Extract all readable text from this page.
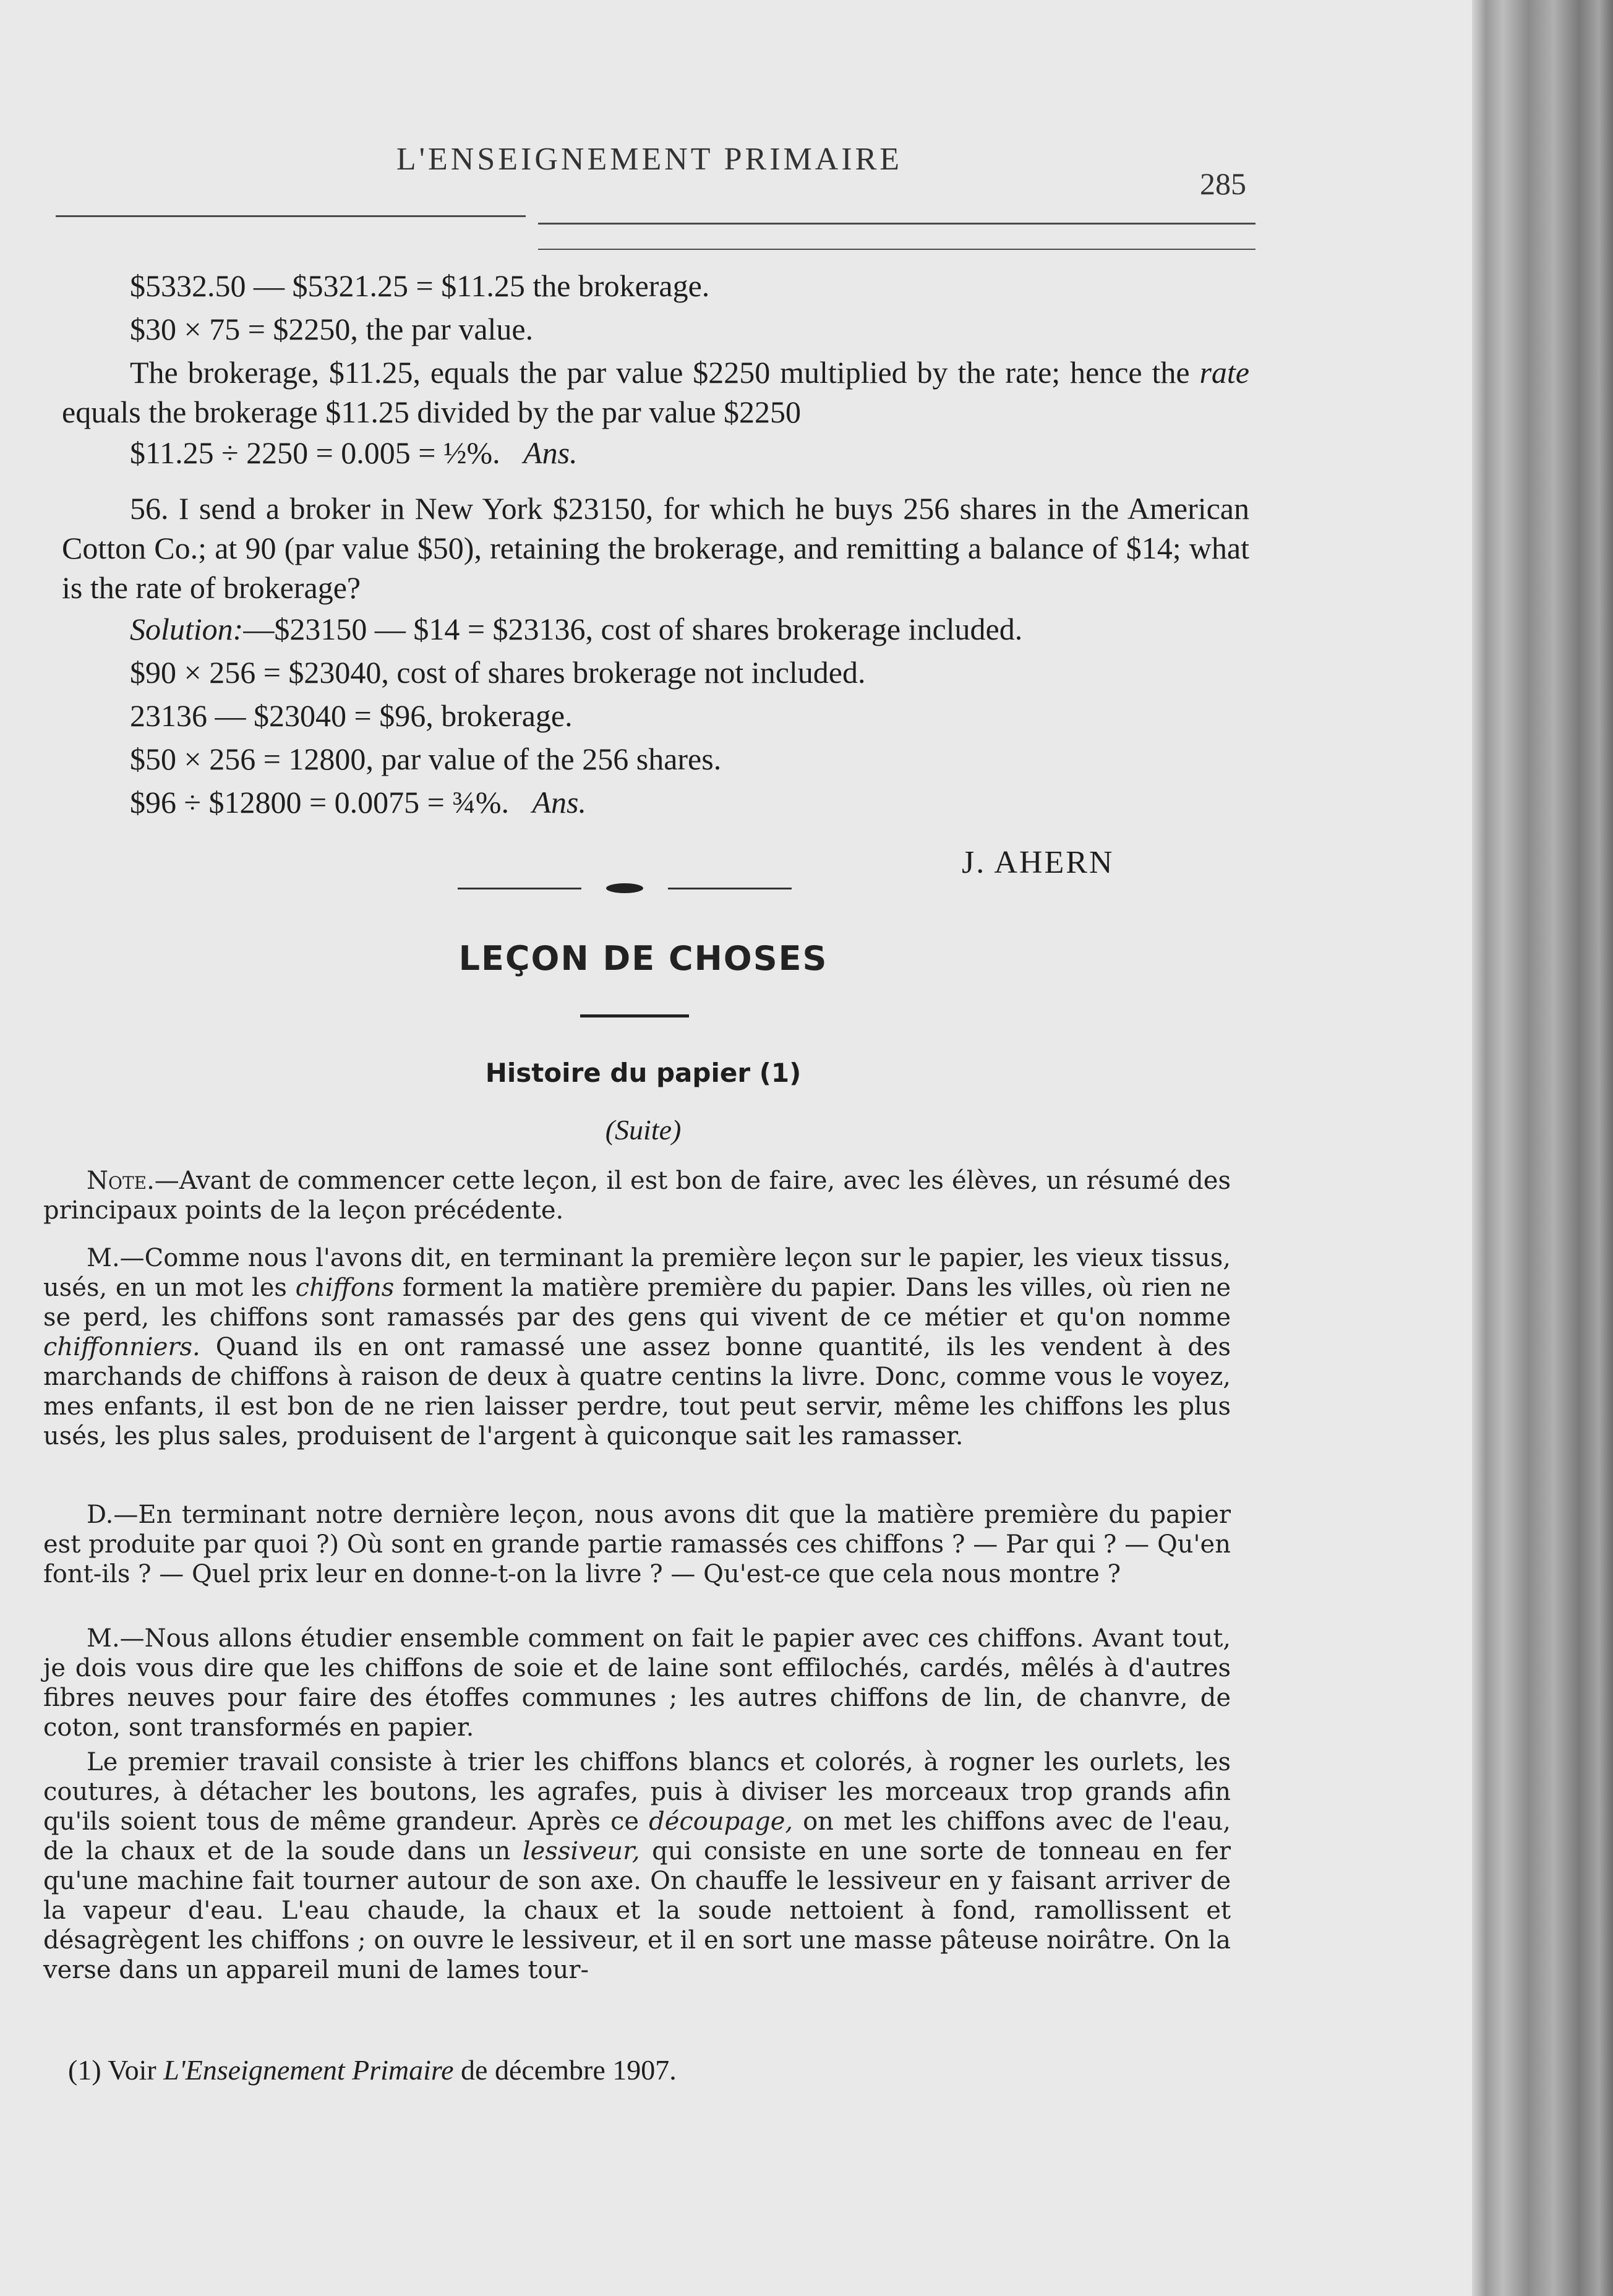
L'ENSEIGNEMENT PRIMAIRE
285
$5332.50 — $5321.25 = $11.25 the brokerage.
$30 × 75 = $2250, the par value.
The brokerage, $11.25, equals the par value $2250 multiplied by the rate; hence the rate equals the brokerage $11.25 divided by the par value $2250
$11.25 ÷ 2250 = 0.005 = ½%. Ans.
56. I send a broker in New York $23150, for which he buys 256 shares in the American Cotton Co.; at 90 (par value $50), retaining the brokerage, and remitting a balance of $14; what is the rate of brokerage?
Solution:—$23150 — $14 = $23136, cost of shares brokerage included.
$90 × 256 = $23040, cost of shares brokerage not included.
23136 — $23040 = $96, brokerage.
$50 × 256 = 12800, par value of the 256 shares.
$96 ÷ $12800 = 0.0075 = ¾%. Ans.
J. AHERN
LEÇON DE CHOSES
Histoire du papier (1)
(Suite)
Note.—Avant de commencer cette leçon, il est bon de faire, avec les élèves, un résumé des principaux points de la leçon précédente.
M.—Comme nous l'avons dit, en terminant la première leçon sur le papier, les vieux tissus, usés, en un mot les chiffons forment la matière première du papier. Dans les villes, où rien ne se perd, les chiffons sont ramassés par des gens qui vivent de ce métier et qu'on nomme chiffonniers. Quand ils en ont ramassé une assez bonne quantité, ils les vendent à des marchands de chiffons à raison de deux à quatre centins la livre. Donc, comme vous le voyez, mes enfants, il est bon de ne rien laisser perdre, tout peut servir, même les chiffons les plus usés, les plus sales, produisent de l'argent à quiconque sait les ramasser.
D.—En terminant notre dernière leçon, nous avons dit que la matière première du papier est produite par quoi ?) Où sont en grande partie ramassés ces chiffons ? — Par qui ? — Qu'en font-ils ? — Quel prix leur en donne-t-on la livre ? — Qu'est-ce que cela nous montre ?
M.—Nous allons étudier ensemble comment on fait le papier avec ces chiffons. Avant tout, je dois vous dire que les chiffons de soie et de laine sont effilochés, cardés, mêlés à d'autres fibres neuves pour faire des étoffes communes ; les autres chiffons de lin, de chanvre, de coton, sont transformés en papier.
Le premier travail consiste à trier les chiffons blancs et colorés, à rogner les ourlets, les coutures, à détacher les boutons, les agrafes, puis à diviser les morceaux trop grands afin qu'ils soient tous de même grandeur. Après ce découpage, on met les chiffons avec de l'eau, de la chaux et de la soude dans un lessiveur, qui consiste en une sorte de tonneau en fer qu'une machine fait tourner autour de son axe. On chauffe le lessiveur en y faisant arriver de la vapeur d'eau. L'eau chaude, la chaux et la soude nettoient à fond, ramollissent et désagrègent les chiffons ; on ouvre le lessiveur, et il en sort une masse pâteuse noirâtre. On la verse dans un appareil muni de lames tour-
(1) Voir L'Enseignement Primaire de décembre 1907.
